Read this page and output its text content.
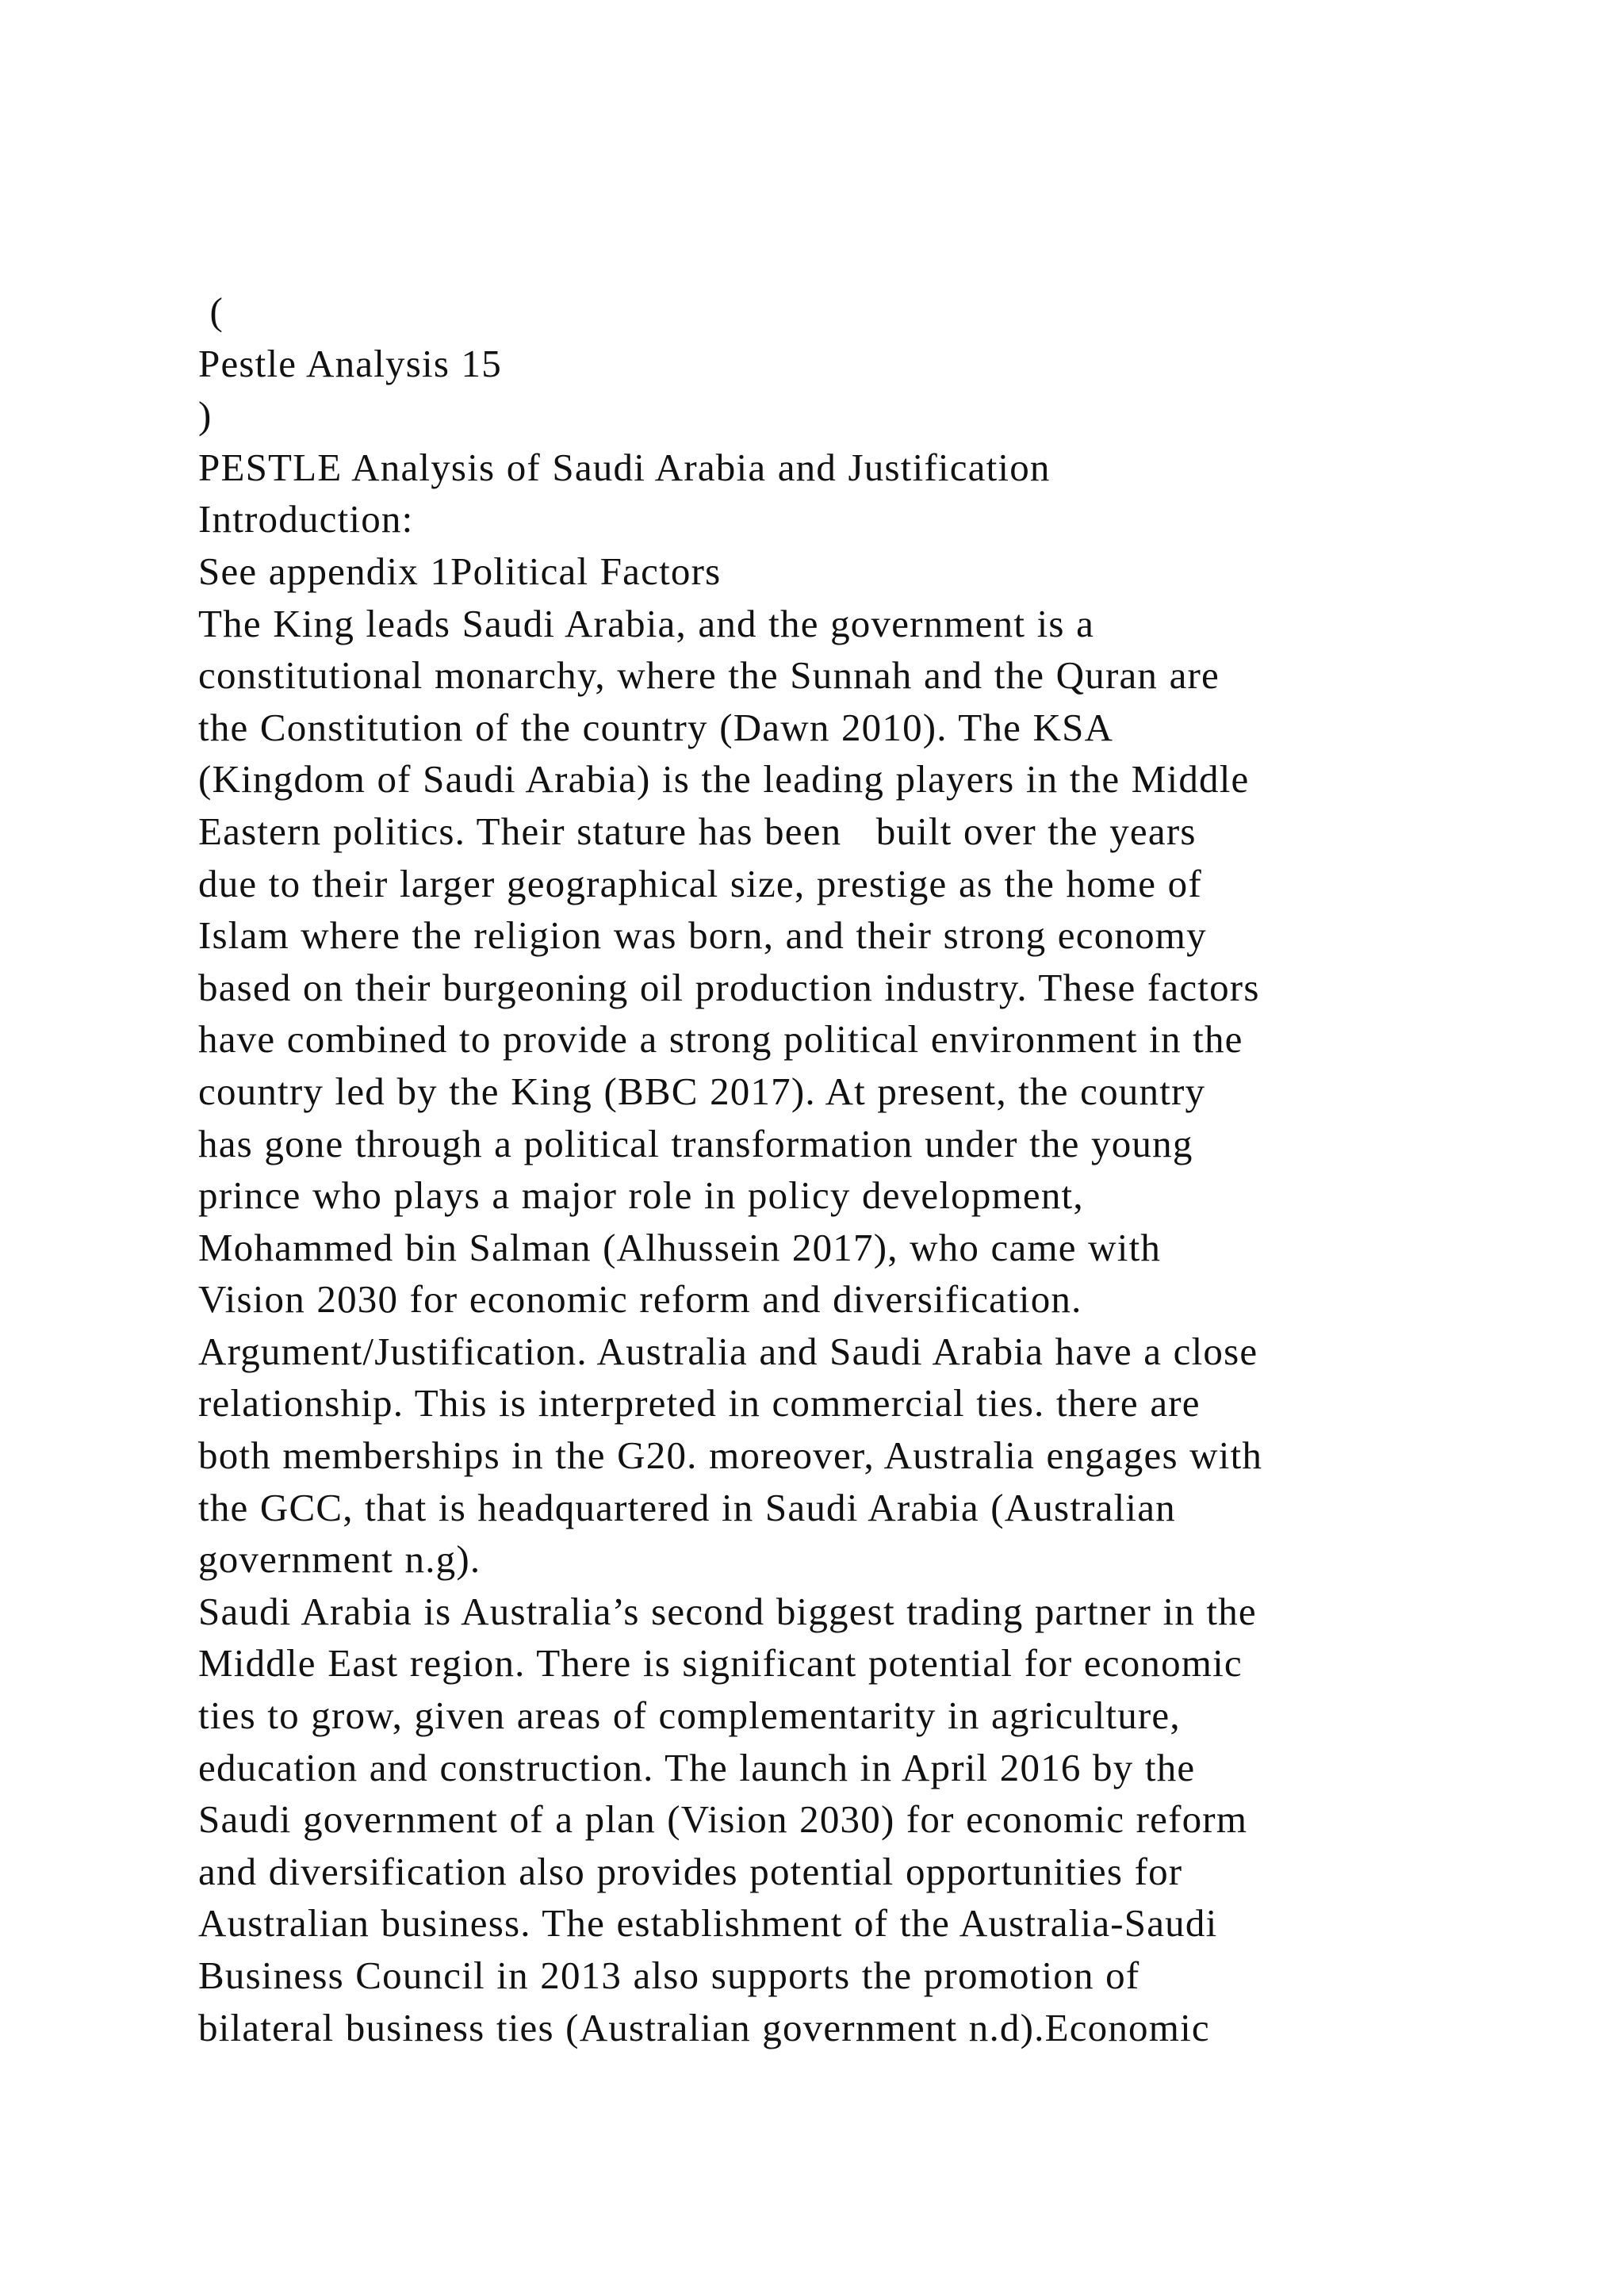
(
Pestle Analysis 15
)
PESTLE Analysis of Saudi Arabia and Justification
Introduction:
See appendix 1Political Factors
The King leads Saudi Arabia, and the government is a
constitutional monarchy, where the Sunnah and the Quran are
the Constitution of the country (Dawn 2010). The KSA
(Kingdom of Saudi Arabia) is the leading players in the Middle
Eastern politics. Their stature has been   built over the years
due to their larger geographical size, prestige as the home of
Islam where the religion was born, and their strong economy
based on their burgeoning oil production industry. These factors
have combined to provide a strong political environment in the
country led by the King (BBC 2017). At present, the country
has gone through a political transformation under the young
prince who plays a major role in policy development,
Mohammed bin Salman (Alhussein 2017), who came with
Vision 2030 for economic reform and diversification.
Argument/Justification. Australia and Saudi Arabia have a close
relationship. This is interpreted in commercial ties. there are
both memberships in the G20. moreover, Australia engages with
the GCC, that is headquartered in Saudi Arabia (Australian
government n.g).
Saudi Arabia is Australia’s second biggest trading partner in the
Middle East region. There is significant potential for economic
ties to grow, given areas of complementarity in agriculture,
education and construction. The launch in April 2016 by the
Saudi government of a plan (Vision 2030) for economic reform
and diversification also provides potential opportunities for
Australian business. The establishment of the Australia-Saudi
Business Council in 2013 also supports the promotion of
bilateral business ties (Australian government n.d).Economic
